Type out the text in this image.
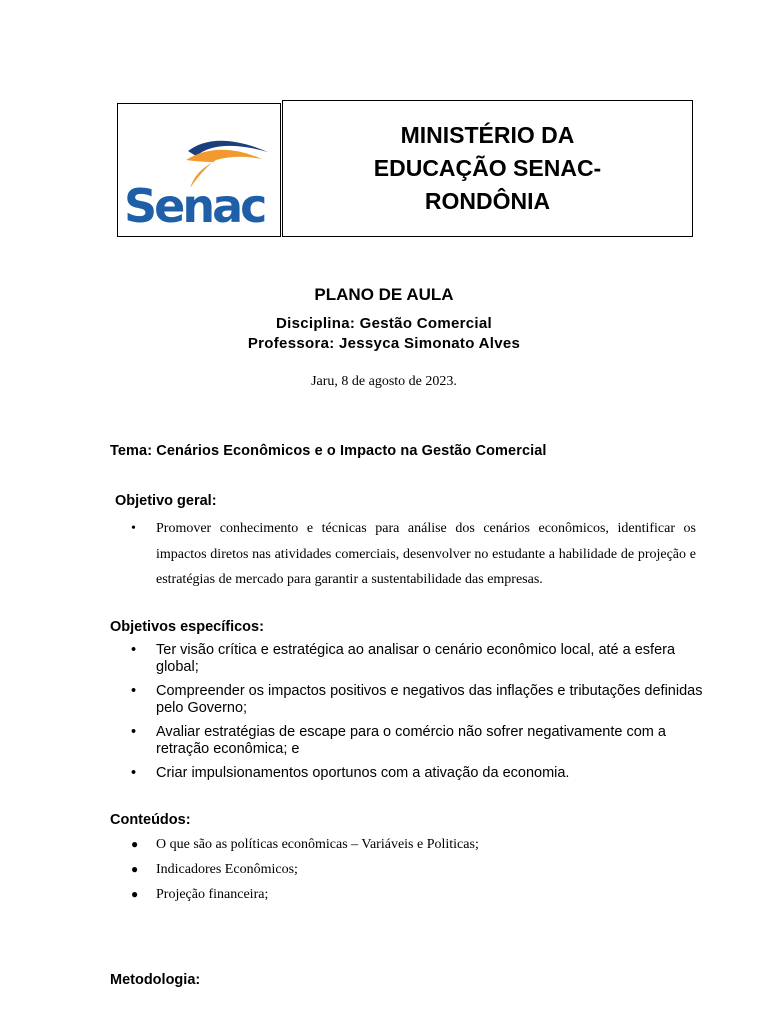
Senac
MINISTÉRIO DA
EDUCAÇÃO SENAC-
RONDÔNIA
PLANO DE AULA
Disciplina: Gestão Comercial
Professora: Jessyca Simonato Alves
Jaru, 8 de agosto de 2023.
Tema: Cenários Econômicos e o Impacto na Gestão Comercial
Objetivo geral:
•	Promover conhecimento e técnicas para análise dos cenários econômicos, identificar os impactos diretos nas atividades comerciais, desenvolver no estudante a habilidade de projeção e estratégias de mercado para garantir a sustentabilidade das empresas.
Objetivos específicos:
•	Ter visão crítica e estratégica ao analisar o cenário econômico local, até a esfera global;
•	Compreender os impactos positivos e negativos das inflações e tributações definidas pelo Governo;
•	Avaliar estratégias de escape para o comércio não sofrer negativamente com a retração econômica; e
•	Criar impulsionamentos oportunos com a ativação da economia.
Conteúdos:
●	O que são as políticas econômicas – Variáveis e Politicas;
●	Indicadores Econômicos;
●	Projeção financeira;
Metodologia:
